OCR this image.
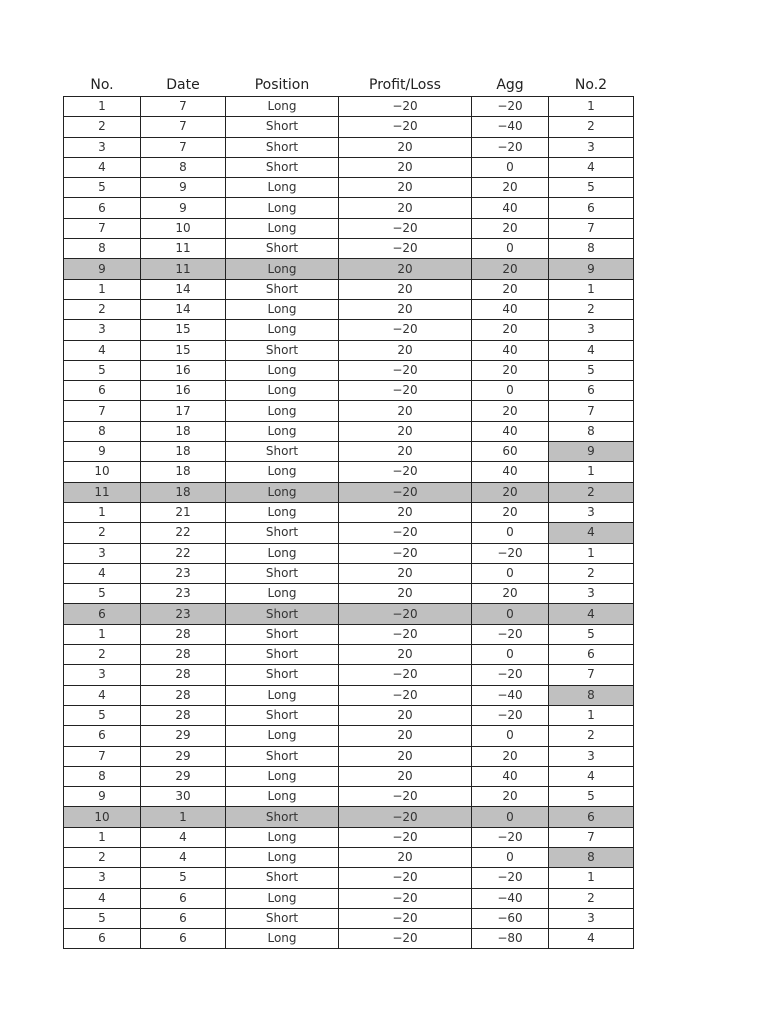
No.	Date	Position	Profit/Loss	Agg	No.2
1	7	Long	−20	−20	1
2	7	Short	−20	−40	2
3	7	Short	20	−20	3
4	8	Short	20	0	4
5	9	Long	20	20	5
6	9	Long	20	40	6
7	10	Long	−20	20	7
8	11	Short	−20	0	8
9	11	Long	20	20	9
1	14	Short	20	20	1
2	14	Long	20	40	2
3	15	Long	−20	20	3
4	15	Short	20	40	4
5	16	Long	−20	20	5
6	16	Long	−20	0	6
7	17	Long	20	20	7
8	18	Long	20	40	8
9	18	Short	20	60	9
10	18	Long	−20	40	1
11	18	Long	−20	20	2
1	21	Long	20	20	3
2	22	Short	−20	0	4
3	22	Long	−20	−20	1
4	23	Short	20	0	2
5	23	Long	20	20	3
6	23	Short	−20	0	4
1	28	Short	−20	−20	5
2	28	Short	20	0	6
3	28	Short	−20	−20	7
4	28	Long	−20	−40	8
5	28	Short	20	−20	1
6	29	Long	20	0	2
7	29	Short	20	20	3
8	29	Long	20	40	4
9	30	Long	−20	20	5
10	1	Short	−20	0	6
1	4	Long	−20	−20	7
2	4	Long	20	0	8
3	5	Short	−20	−20	1
4	6	Long	−20	−40	2
5	6	Short	−20	−60	3
6	6	Long	−20	−80	4
